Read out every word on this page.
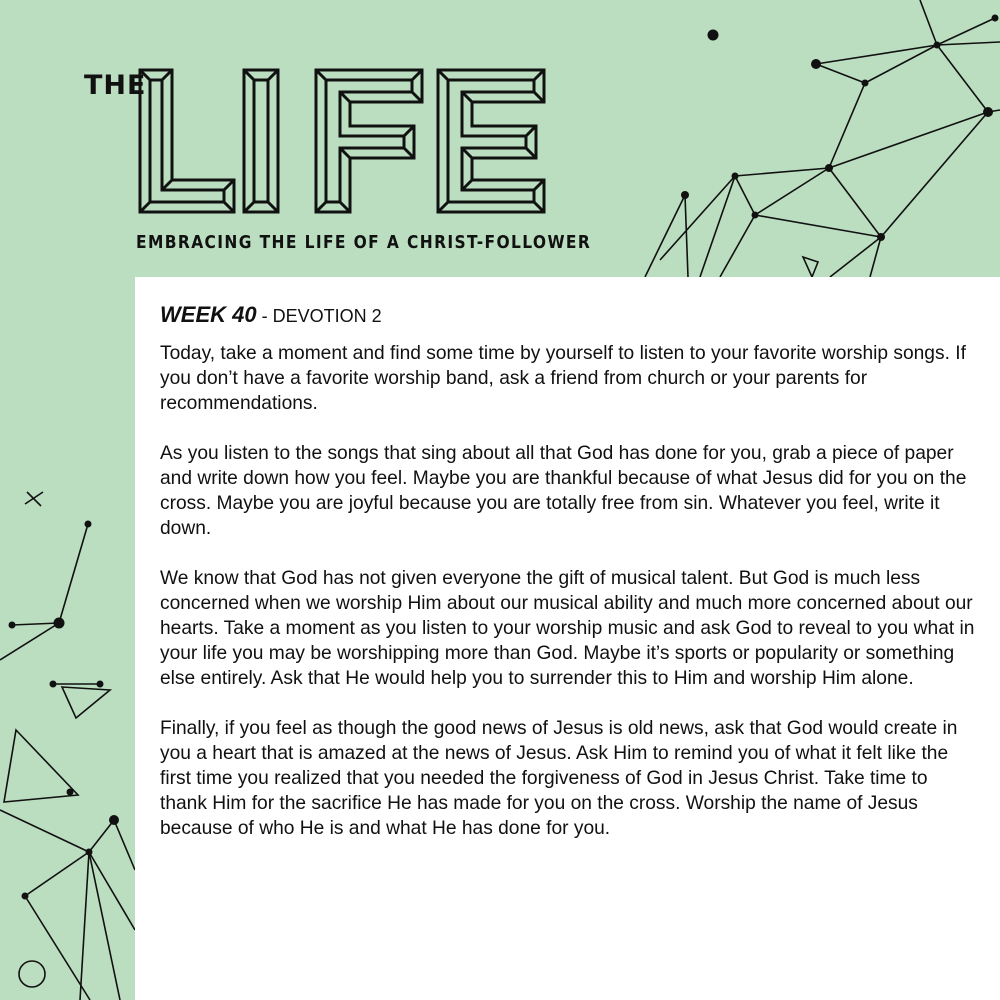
THE
EMBRACING THE LIFE OF A CHRIST-FOLLOWER
WEEK 40 - DEVOTION 2

Today, take a moment and find some time by yourself to listen to your favorite worship songs. If you don’t have a favorite worship band, ask a friend from church or your parents for recommendations.

As you listen to the songs that sing about all that God has done for you, grab a piece of paper and write down how you feel. Maybe you are thankful because of what Jesus did for you on the cross. Maybe you are joyful because you are totally free from sin. Whatever you feel, write it down.

We know that God has not given everyone the gift of musical talent. But God is much less concerned when we worship Him about our musical ability and much more concerned about our hearts. Take a moment as you listen to your worship music and ask God to reveal to you what in your life you may be worshipping more than God. Maybe it’s sports or popularity or something else entirely. Ask that He would help you to surrender this to Him and worship Him alone.

Finally, if you feel as though the good news of Jesus is old news, ask that God would create in you a heart that is amazed at the news of Jesus. Ask Him to remind you of what it felt like the first time you realized that you needed the forgiveness of God in Jesus Christ. Take time to thank Him for the sacrifice He has made for you on the cross. Worship the name of Jesus because of who He is and what He has done for you.
